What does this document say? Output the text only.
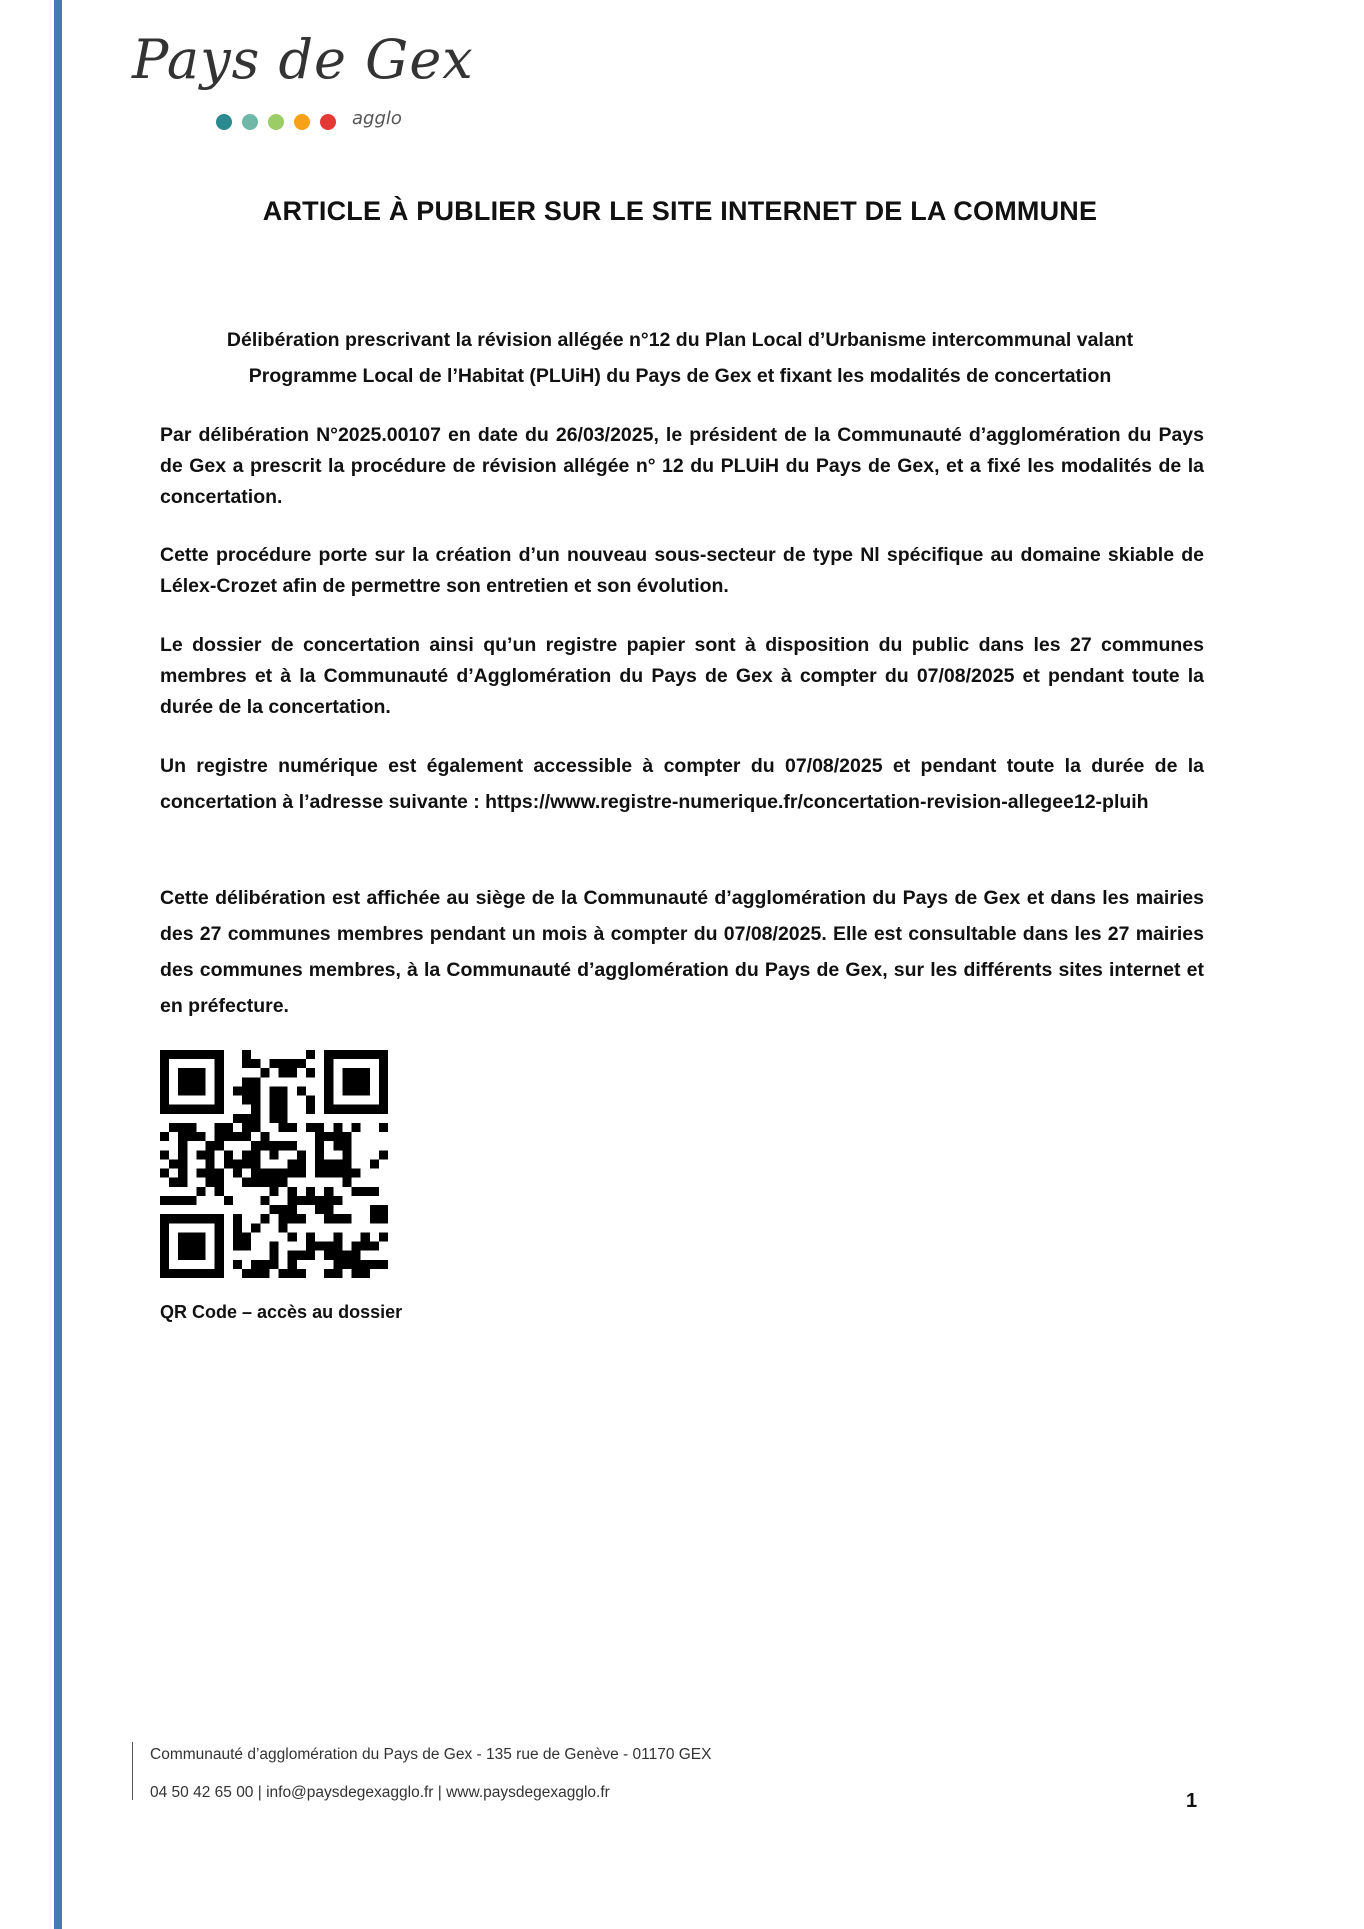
Pays de Gex
agglo
ARTICLE À PUBLIER SUR LE SITE INTERNET DE LA COMMUNE
Délibération prescrivant la révision allégée n°12 du Plan Local d’Urbanisme intercommunal valant
Programme Local de l’Habitat (PLUiH) du Pays de Gex et fixant les modalités de concertation
Par délibération N°2025.00107 en date du 26/03/2025, le président de la Communauté d’agglomération du Pays de Gex a prescrit la procédure de révision allégée n° 12 du PLUiH du Pays de Gex, et a fixé les modalités de la concertation.
Cette procédure porte sur la création d’un nouveau sous-secteur de type Nl spécifique au domaine skiable de Lélex-Crozet afin de permettre son entretien et son évolution.
Le dossier de concertation ainsi qu’un registre papier sont à disposition du public dans les 27 communes membres et à la Communauté d’Agglomération du Pays de Gex à compter du 07/08/2025 et pendant toute la durée de la concertation.
Un registre numérique est également accessible à compter du 07/08/2025 et pendant toute la durée de la concertation à l’adresse suivante : https://www.registre-numerique.fr/concertation-revision-allegee12-pluih
Cette délibération est affichée au siège de la Communauté d’agglomération du Pays de Gex et dans les mairies des 27 communes membres pendant un mois à compter du 07/08/2025. Elle est consultable dans les 27 mairies des communes membres, à la Communauté d’agglomération du Pays de Gex, sur les différents sites internet et en préfecture.
QR Code – accès au dossier
Communauté d’agglomération du Pays de Gex - 135 rue de Genève - 01170 GEX
04 50 42 65 00 | info@paysdegexagglo.fr | www.paysdegexagglo.fr	1
